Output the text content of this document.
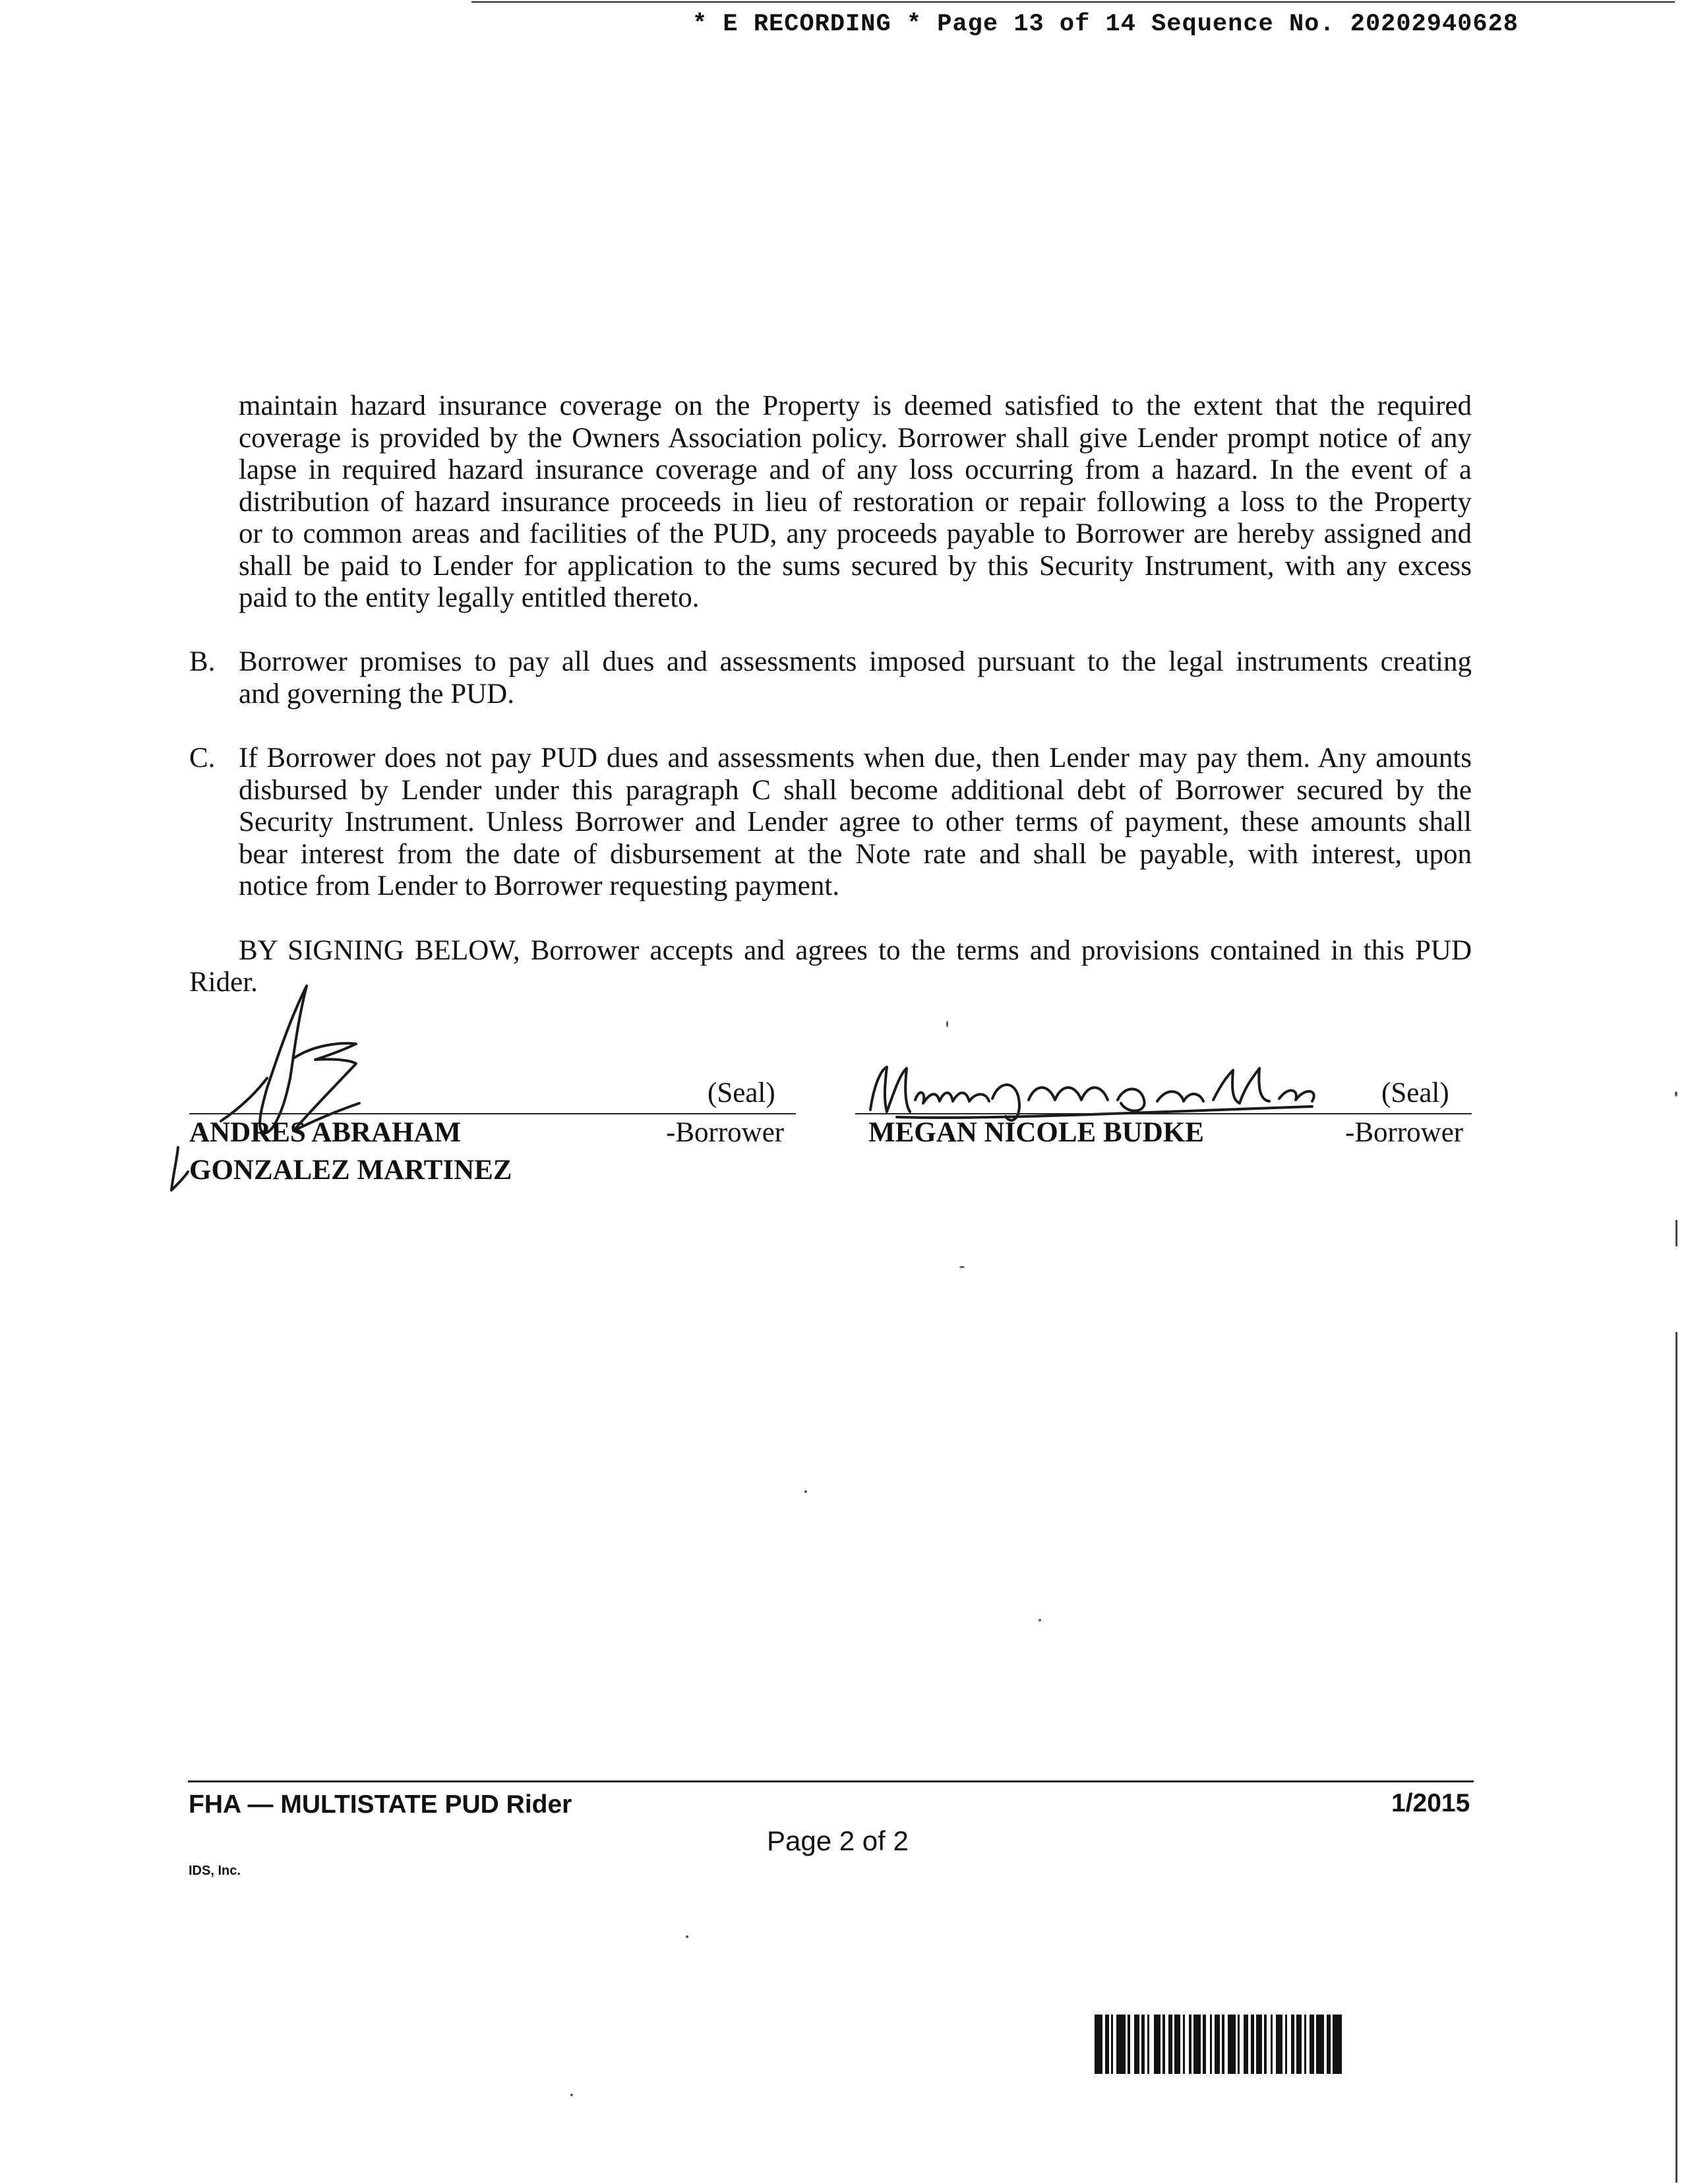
* E RECORDING * Page 13 of 14 Sequence No. 20202940628
maintain hazard insurance coverage on the Property is deemed satisfied to the extent that the required
coverage is provided by the Owners Association policy. Borrower shall give Lender prompt notice of any
lapse in required hazard insurance coverage and of any loss occurring from a hazard. In the event of a
distribution of hazard insurance proceeds in lieu of restoration or repair following a loss to the Property
or to common areas and facilities of the PUD, any proceeds payable to Borrower are hereby assigned and
shall be paid to Lender for application to the sums secured by this Security Instrument, with any excess
paid to the entity legally entitled thereto.
B. Borrower promises to pay all dues and assessments imposed pursuant to the legal instruments creating
and governing the PUD.
C. If Borrower does not pay PUD dues and assessments when due, then Lender may pay them. Any amounts
disbursed by Lender under this paragraph C shall become additional debt of Borrower secured by the
Security Instrument. Unless Borrower and Lender agree to other terms of payment, these amounts shall
bear interest from the date of disbursement at the Note rate and shall be payable, with interest, upon
notice from Lender to Borrower requesting payment.
BY SIGNING BELOW, Borrower accepts and agrees to the terms and provisions contained in this PUD
Rider.
(Seal)
-Borrower
ANDRES ABRAHAM
GONZALEZ MARTINEZ
(Seal)
-Borrower
MEGAN NICOLE BUDKE
FHA — MULTISTATE PUD Rider	1/2015
Page 2 of 2
IDS, Inc.
